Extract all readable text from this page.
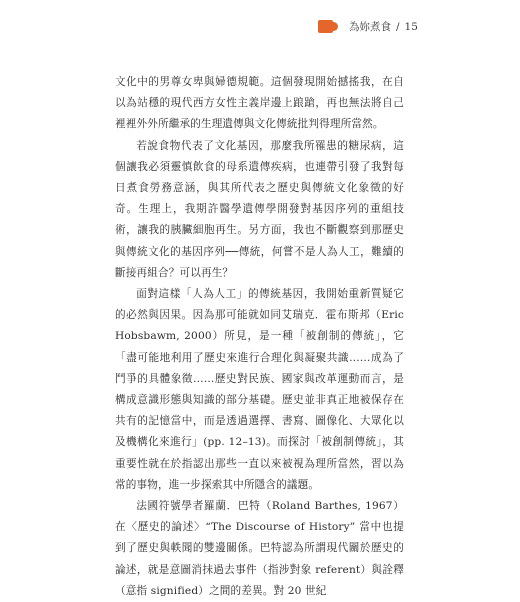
為妳煮食 / 15

文化中的男尊女卑與婦德規範。這個發現開始撼搖我，在自以為站穩的現代西方女性主義岸邊上踉蹌，再也無法將自己裡裡外外所繼承的生理遺傳與文化傳統批判得理所當然。

若說食物代表了文化基因，那麼我所罹患的糖尿病，這個讓我必須靈慎飲食的母系遺傳疾病，也連帶引發了我對每日煮食勞務意涵，與其所代表之歷史與傳統文化象徵的好奇。生理上，我期許醫學遺傳學開發對基因序列的重組技術，讓我的胰臟細胞再生。另方面，我也不斷觀察到那歷史與傳統文化的基因序列──傳統，何嘗不是人為人工，難續的斷接再組合？可以再生？

面對這樣「人為人工」的傳統基因，我開始重新質疑它的必然與因果。因為那可能就如同艾瑞克．霍布斯邦（Eric Hobsbawm, 2000）所見，是一種「被創制的傳統」，它「盡可能地利用了歷史來進行合理化與凝聚共識……成為了鬥爭的具體象徵……歷史對民族、國家與改革運動而言，是構成意識形態與知識的部分基礎。歷史並非真正地被保存在共有的記憶當中，而是透過選擇、書寫、圖像化、大眾化以及機構化來進行」(pp. 12–13)。而探討「被創制傳統」，其重要性就在於指認出那些一直以來被視為理所當然，習以為常的事物，進一步探索其中所隱含的議題。

法國符號學者羅蘭．巴特（Roland Barthes, 1967）在〈歷史的論述〉“The Discourse of History” 當中也提到了歷史與軼聞的雙邊關係。巴特認為所謂現代關於歷史的論述，就是意圖消抹過去事件（指涉對象 referent）與詮釋（意指 signified）之間的差異。對 20 世紀
